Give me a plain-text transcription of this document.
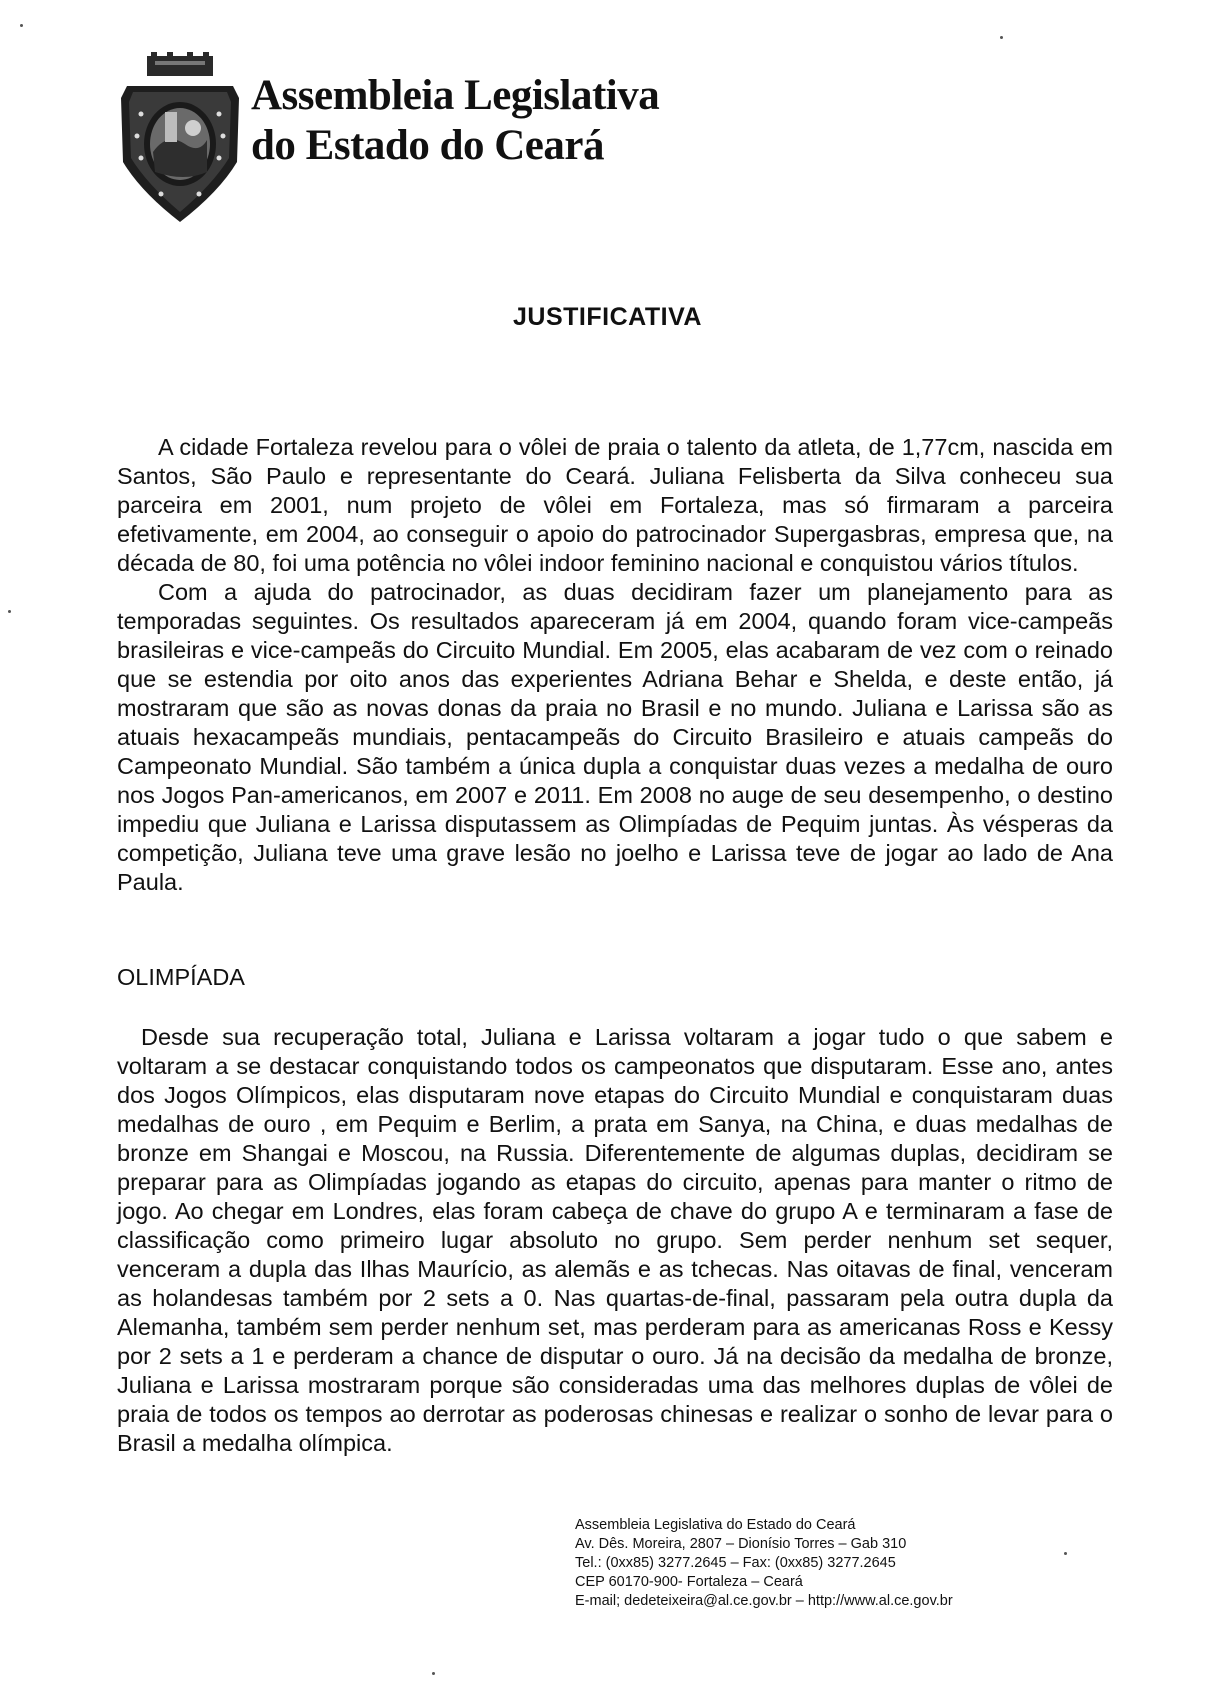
Assembleia Legislativa
do Estado do Ceará
JUSTIFICATIVA

A cidade Fortaleza revelou para o vôlei de praia o talento da atleta, de 1,77cm, nascida em Santos, São Paulo e representante do Ceará. Juliana Felisberta da Silva conheceu sua parceira em 2001, num projeto de vôlei em Fortaleza, mas só firmaram a parceira efetivamente, em 2004, ao conseguir o apoio do patrocinador Supergasbras, empresa que, na década de 80, foi uma potência no vôlei indoor feminino nacional e conquistou vários títulos.

Com a ajuda do patrocinador, as duas decidiram fazer um planejamento para as temporadas seguintes. Os resultados apareceram já em 2004, quando foram vice-campeãs brasileiras e vice-campeãs do Circuito Mundial. Em 2005, elas acabaram de vez com o reinado que se estendia por oito anos das experientes Adriana Behar e Shelda, e deste então, já mostraram que são as novas donas da praia no Brasil e no mundo. Juliana e Larissa são as atuais hexacampeãs mundiais, pentacampeãs do Circuito Brasileiro e atuais campeãs do Campeonato Mundial. São também a única dupla a conquistar duas vezes a medalha de ouro nos Jogos Pan-americanos, em 2007 e 2011. Em 2008 no auge de seu desempenho, o destino impediu que Juliana e Larissa disputassem as Olimpíadas de Pequim juntas. Às vésperas da competição, Juliana teve uma grave lesão no joelho e Larissa teve de jogar ao lado de Ana Paula.

OLIMPÍADA

Desde sua recuperação total, Juliana e Larissa voltaram a jogar tudo o que sabem e voltaram a se destacar conquistando todos os campeonatos que disputaram. Esse ano, antes dos Jogos Olímpicos, elas disputaram nove etapas do Circuito Mundial e conquistaram duas medalhas de ouro , em Pequim e Berlim, a prata em Sanya, na China, e duas medalhas de bronze em Shangai e Moscou, na Russia. Diferentemente de algumas duplas, decidiram se preparar para as Olimpíadas jogando as etapas do circuito, apenas para manter o ritmo de jogo. Ao chegar em Londres, elas foram cabeça de chave do grupo A e terminaram a fase de classificação como primeiro lugar absoluto no grupo. Sem perder nenhum set sequer, venceram a dupla das Ilhas Maurício, as alemãs e as tchecas. Nas oitavas de final, venceram as holandesas também por 2 sets a 0. Nas quartas-de-final, passaram pela outra dupla da Alemanha, também sem perder nenhum set, mas perderam para as americanas Ross e Kessy por 2 sets a 1 e perderam a chance de disputar o ouro. Já na decisão da medalha de bronze, Juliana e Larissa mostraram porque são consideradas uma das melhores duplas de vôlei de praia de todos os tempos ao derrotar as poderosas chinesas e realizar o sonho de levar para o Brasil a medalha olímpica.

Assembleia Legislativa do Estado do Ceará
Av. Dês. Moreira, 2807 – Dionísio Torres – Gab 310
Tel.: (0xx85) 3277.2645 – Fax: (0xx85) 3277.2645
CEP 60170-900- Fortaleza – Ceará
E-mail; dedeteixeira@al.ce.gov.br – http://www.al.ce.gov.br
